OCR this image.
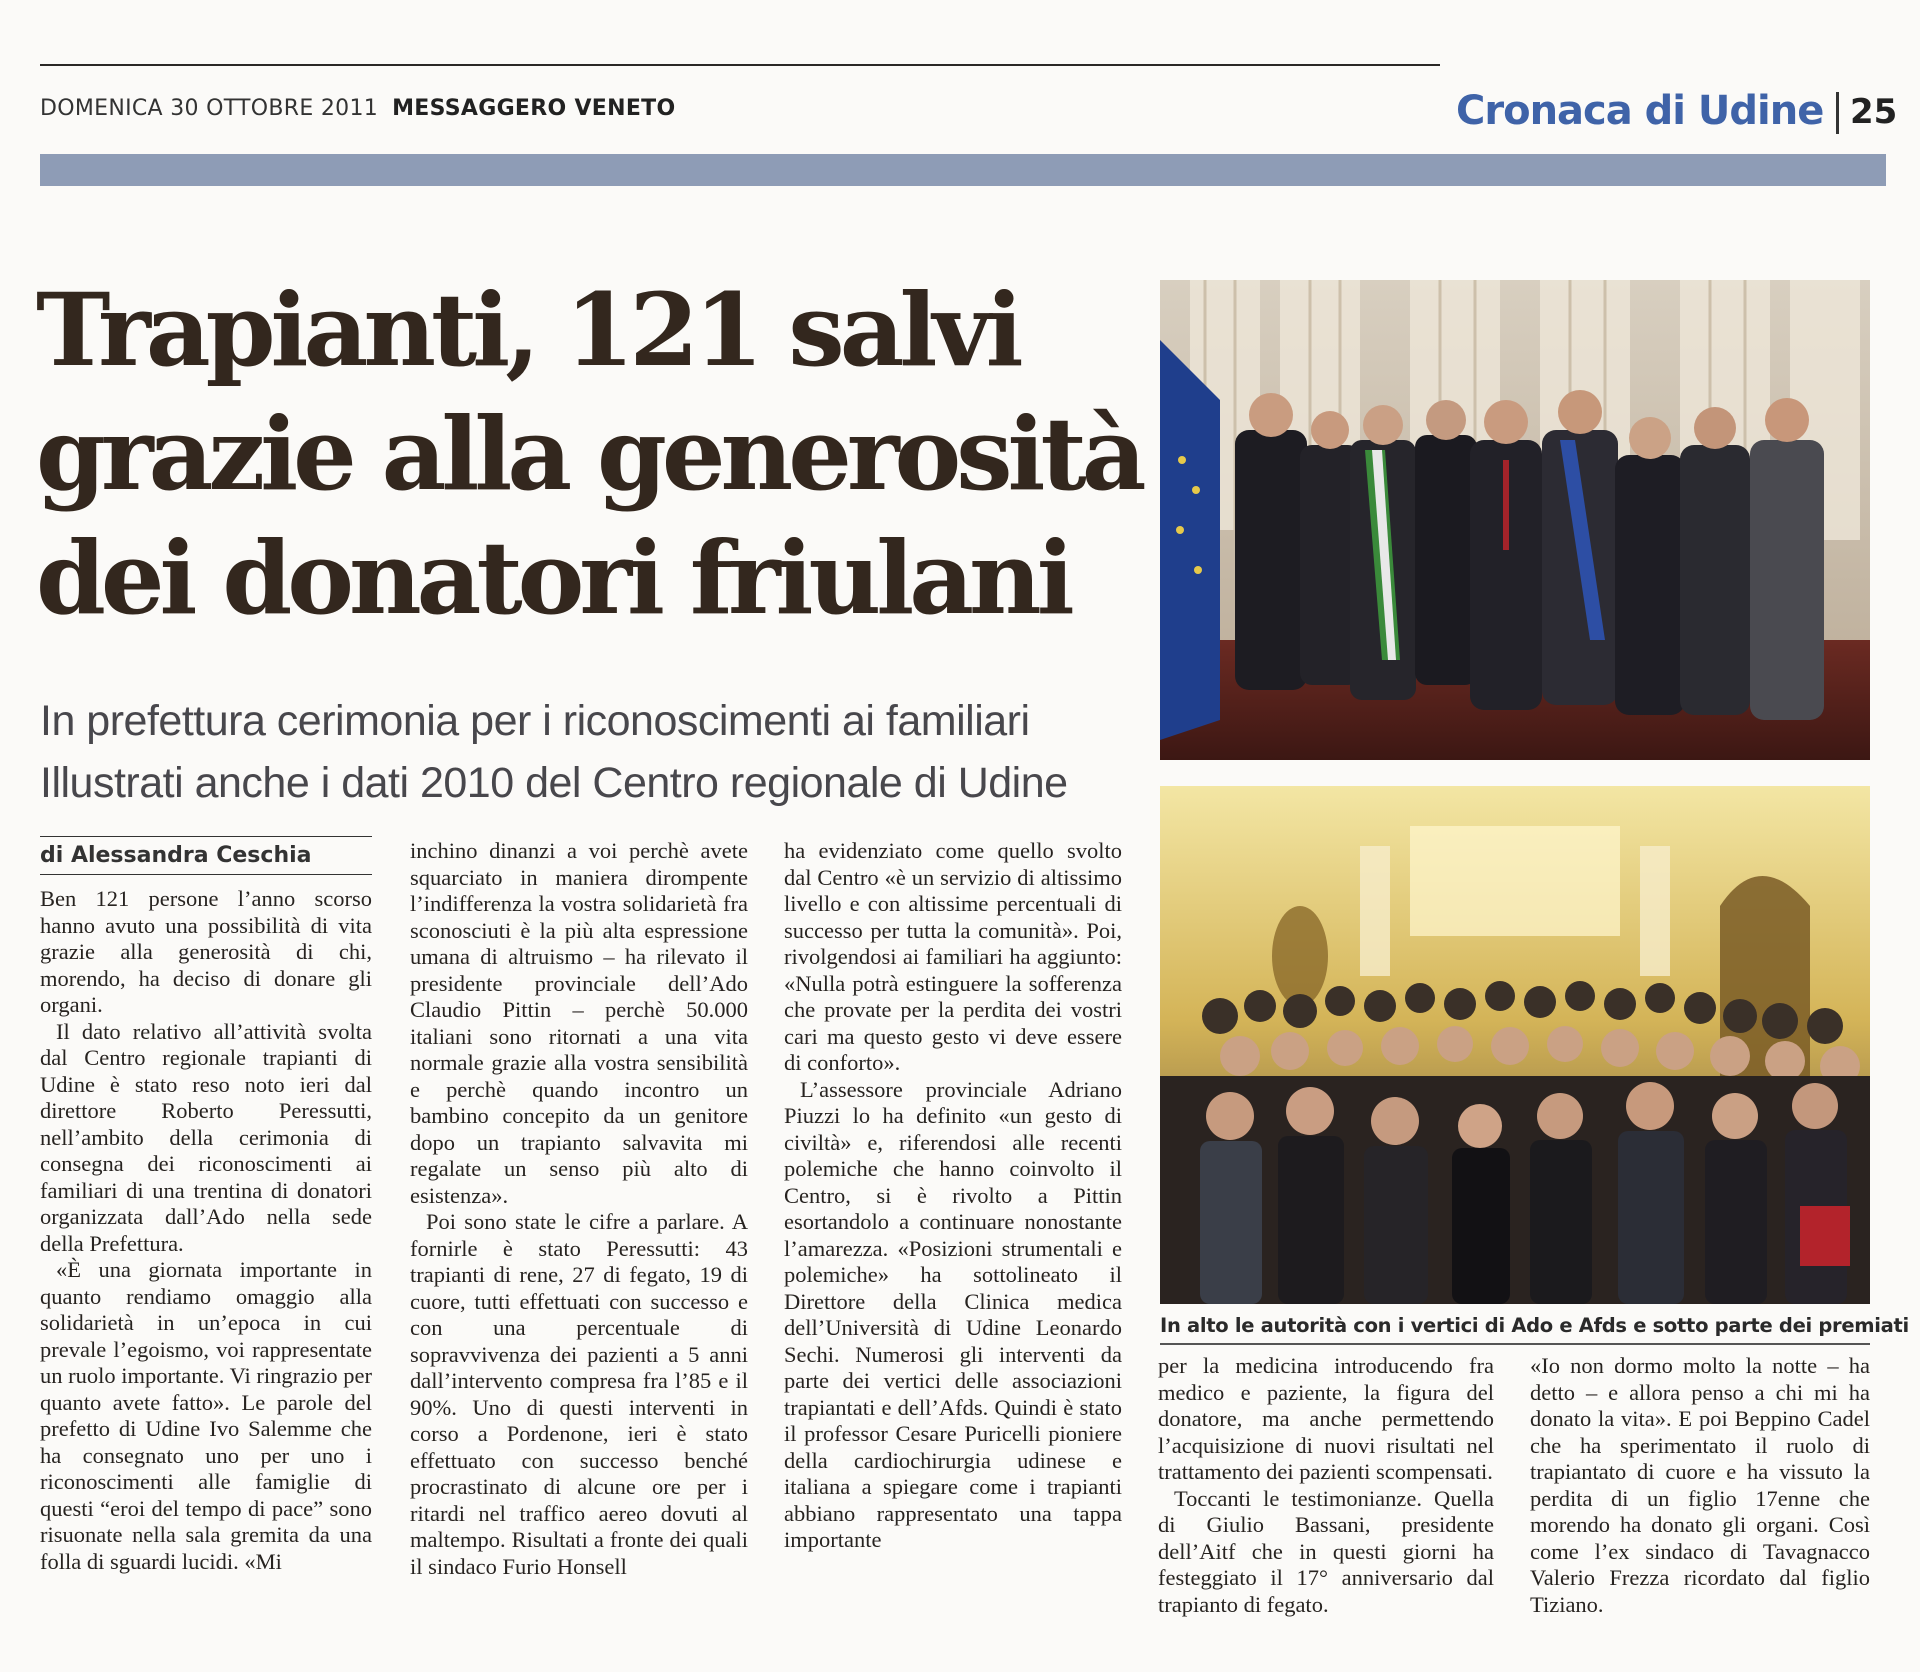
DOMENICA 30 OTTOBRE 2011 MESSAGGERO VENETO	Cronaca di Udine 25
Trapianti, 121 salvi
grazie alla generosità
dei donatori friulani
In prefettura cerimonia per i riconoscimenti ai familiari
Illustrati anche i dati 2010 del Centro regionale di Udine
di Alessandra Ceschia

Ben 121 persone l’anno scorso hanno avuto una possibilità di vita grazie alla generosità di chi, morendo, ha deciso di donare gli organi.

Il dato relativo all’attività svolta dal Centro regionale trapianti di Udine è stato reso noto ieri dal direttore Roberto Peressutti, nell’ambito della cerimonia di consegna dei riconoscimenti ai familiari di una trentina di donatori organizzata dall’Ado nella sede della Prefettura.

«È una giornata importante in quanto rendiamo omaggio alla solidarietà in un’epoca in cui prevale l’egoismo, voi rappresentate un ruolo importante. Vi ringrazio per quanto avete fatto». Le parole del prefetto di Udine Ivo Salemme che ha consegnato uno per uno i riconoscimenti alle famiglie di questi “eroi del tempo di pace” sono risuonate nella sala gremita da una folla di sguardi lucidi. «Mi

inchino dinanzi a voi perchè avete squarciato in maniera dirompente l’indifferenza la vostra solidarietà fra sconosciuti è la più alta espressione umana di altruismo – ha rilevato il presidente provinciale dell’Ado Claudio Pittin – perchè 50.000 italiani sono ritornati a una vita normale grazie alla vostra sensibilità e perchè quando incontro un bambino concepito da un genitore dopo un trapianto salvavita mi regalate un senso più alto di esistenza».

Poi sono state le cifre a parlare. A fornirle è stato Peressutti: 43 trapianti di rene, 27 di fegato, 19 di cuore, tutti effettuati con successo e con una percentuale di sopravvivenza dei pazienti a 5 anni dall’intervento compresa fra l’85 e il 90%. Uno di questi interventi in corso a Pordenone, ieri è stato effettuato con successo benché procrastinato di alcune ore per i ritardi nel traffico aereo dovuti al maltempo. Risultati a fronte dei quali il sindaco Furio Honsell

ha evidenziato come quello svolto dal Centro «è un servizio di altissimo livello e con altissime percentuali di successo per tutta la comunità». Poi, rivolgendosi ai familiari ha aggiunto: «Nulla potrà estinguere la sofferenza che provate per la perdita dei vostri cari ma questo gesto vi deve essere di conforto».

L’assessore provinciale Adriano Piuzzi lo ha definito «un gesto di civiltà» e, riferendosi alle recenti polemiche che hanno coinvolto il Centro, si è rivolto a Pittin esortandolo a continuare nonostante l’amarezza. «Posizioni strumentali e polemiche» ha sottolineato il Direttore della Clinica medica dell’Università di Udine Leonardo Sechi. Numerosi gli interventi da parte dei vertici delle associazioni trapiantati e dell’Afds. Quindi è stato il professor Cesare Puricelli pioniere della cardiochirurgia udinese e italiana a spiegare come i trapianti abbiano rappresentato una tappa importante

per la medicina introducendo fra medico e paziente, la figura del donatore, ma anche permettendo l’acquisizione di nuovi risultati nel trattamento dei pazienti scompensati.

Toccanti le testimonianze. Quella di Giulio Bassani, presidente dell’Aitf che in questi giorni ha festeggiato il 17° anniversario dal trapianto di fegato.

«Io non dormo molto la notte – ha detto – e allora penso a chi mi ha donato la vita». E poi Beppino Cadel che ha sperimentato il ruolo di trapiantato di cuore e ha vissuto la perdita di un figlio 17enne che morendo ha donato gli organi. Così come l’ex sindaco di Tavagnacco Valerio Frezza ricordato dal figlio Tiziano.

In alto le autorità con i vertici di Ado e Afds e sotto parte dei premiati
